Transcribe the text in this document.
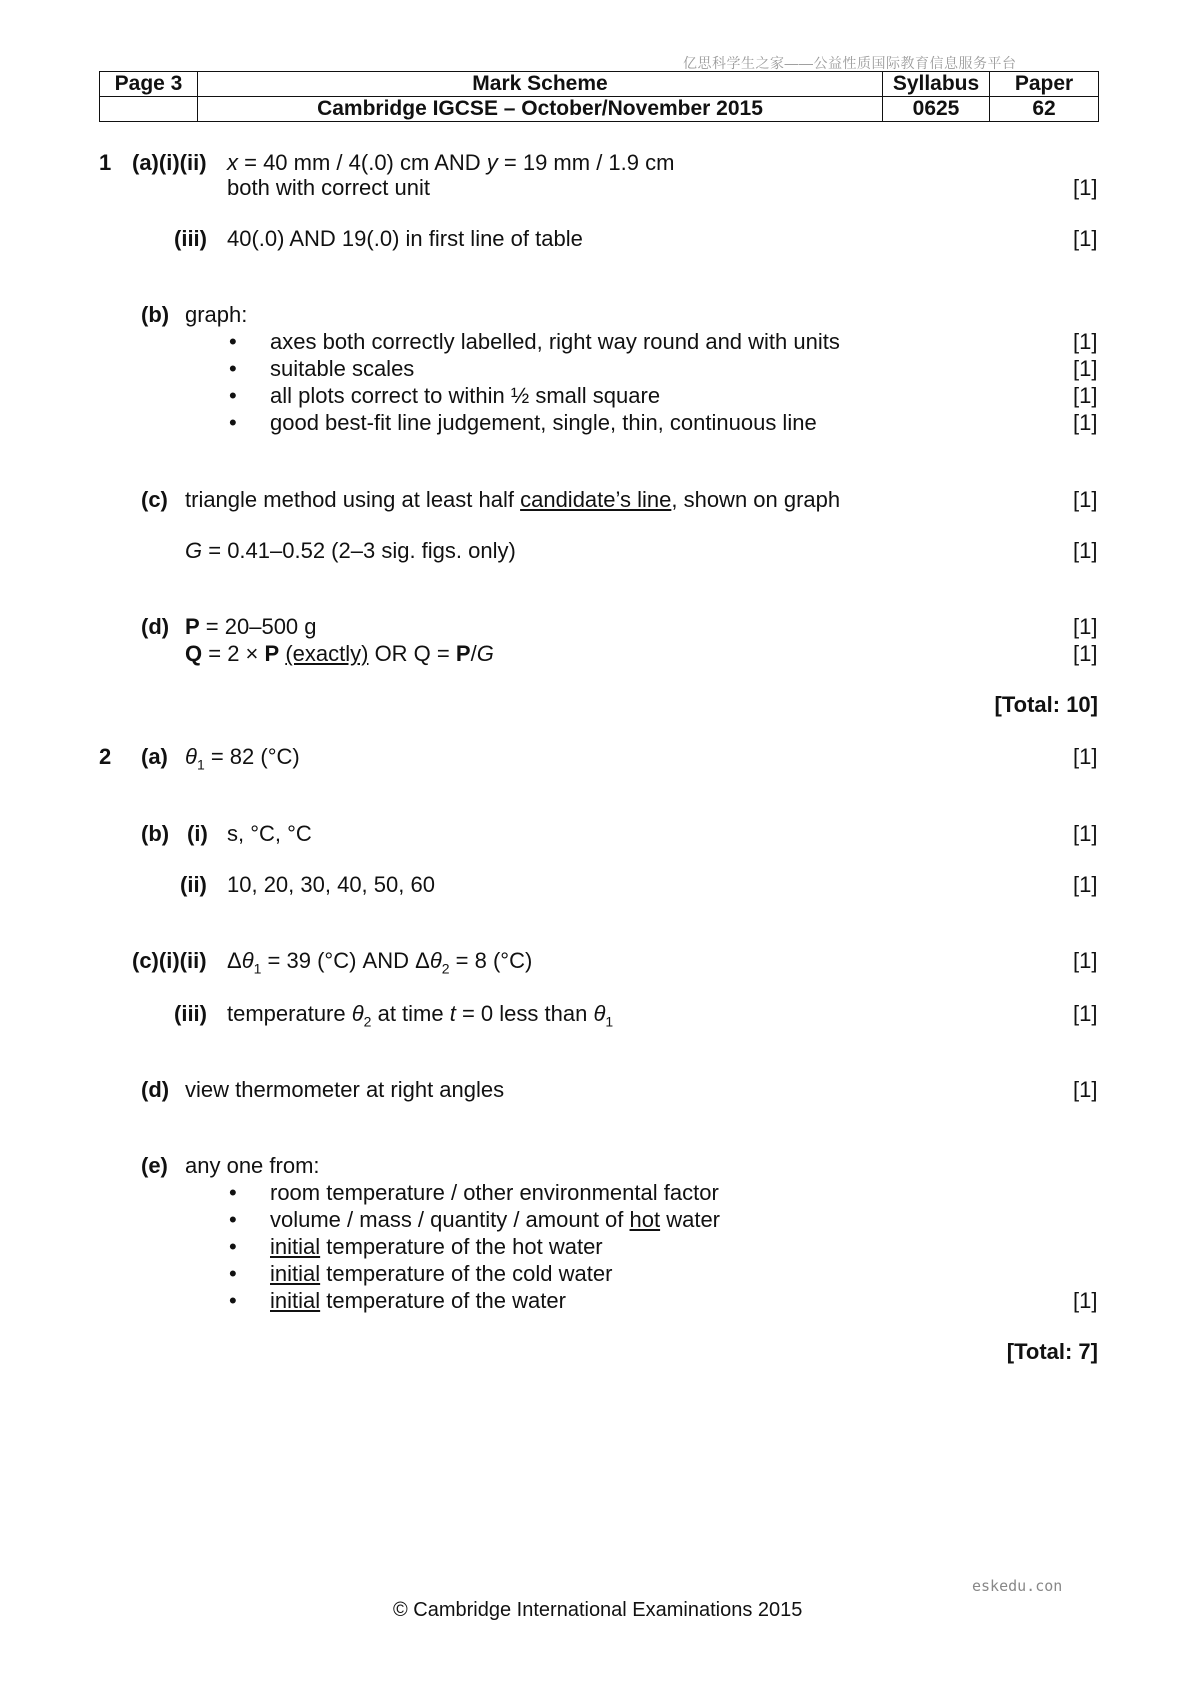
亿思科学生之家——公益性质国际教育信息服务平台
Page 3	Mark Scheme	Syllabus	Paper
	Cambridge IGCSE – October/November 2015	0625	62
1 (a)(i)(ii) x = 40 mm / 4(.0) cm AND y = 19 mm / 1.9 cm
both with correct unit	[1]
(iii) 40(.0) AND 19(.0) in first line of table	[1]
(b) graph:
• axes both correctly labelled, right way round and with units	[1]
• suitable scales	[1]
• all plots correct to within ½ small square	[1]
• good best-fit line judgement, single, thin, continuous line	[1]
(c) triangle method using at least half candidate’s line, shown on graph	[1]
G = 0.41–0.52 (2–3 sig. figs. only)	[1]
(d) P = 20–500 g	[1]
Q = 2 × P (exactly) OR Q = P/G	[1]
[Total: 10]
2 (a) $\theta_1 = 82$ (°C)	[1]
(b) (i) s, °C, °C	[1]
(ii) 10, 20, 30, 40, 50, 60	[1]
(c)(i)(ii) $\Delta\theta_1 = 39$ (°C) AND $\Delta\theta_2 = 8$ (°C)	[1]
(iii) temperature $\theta_2$ at time t = 0 less than $\theta_1$	[1]
(d) view thermometer at right angles	[1]
(e) any one from:
• room temperature / other environmental factor
• volume / mass / quantity / amount of hot water
• initial temperature of the hot water
• initial temperature of the cold water
• initial temperature of the water	[1]
[Total: 7]
eskedu.con
© Cambridge International Examinations 2015
